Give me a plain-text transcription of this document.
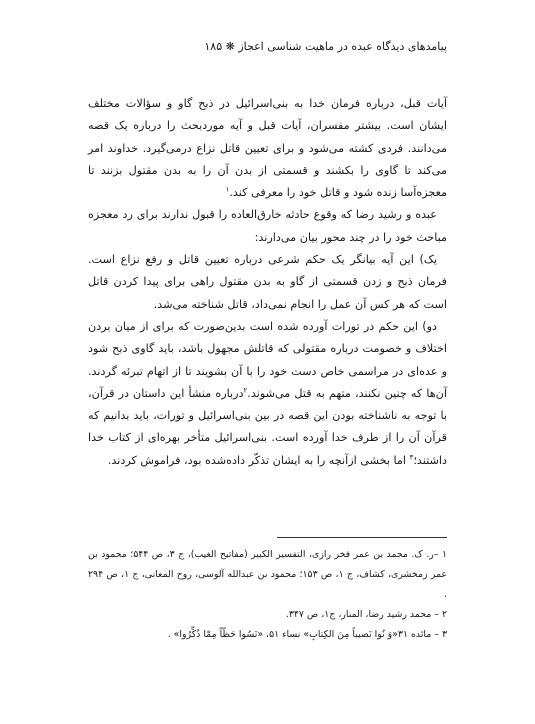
پیامدهای دیدگاه عبده در ماهیت شناسی اعجاز ❋ ۱۸۵

آیات قبل، درباره فرمان خدا به بنی‌اسرائیل در ذبح گاو و سؤالات مختلف ایشان است. بیشتر مفسران، آیات قبل و آیه موردبحث را درباره یک قصه می‌دانند. فردی کشته می‌شود و برای تعیین قاتل نزاع درمی‌گیرد. خداوند امر می‌کند تا گاوی را بکشند و قسمتی از بدن آن را به بدن مقتول بزنند تا معجزه‌آسا زنده شود و قاتل خود را معرفی کند.$^۱$

عبده و رشید رضا که وقوع حادثه خارق‌العاده را قبول ندارند برای رد معجزه مباحث خود را در چند محور بیان می‌دارند:

یک) این آیه بیانگر یک حکم شرعی درباره تعیین قاتل و رفع نزاع است. فرمان ذبح و زدن قسمتی از گاو به بدن مقتول راهی برای پیدا کردن قاتل است که هر کس آن عمل را انجام نمی‌داد، قاتل شناخته می‌شد.

دو) این حکم در تورات آورده شده است بدین‌صورت که برای از میان بردن اختلاف و خصومت درباره مقتولی که قاتلش مجهول باشد، باید گاوی ذبح شود و عده‌ای در مراسمی خاص دست خود را با آن بشویند تا از اتهام تبرئه گردند. آن‌ها که چنین نکنند، متهم به قتل می‌شوند.$^۲$درباره منشأ این داستان در قرآن، با توجه به ناشناخته بودن این قصه در بین بنی‌اسرائیل و تورات، باید بدانیم که قرآن آن را از طرف خدا آورده است. بنی‌اسرائیل متأخر بهره‌ای از کتاب خدا داشتند؛$^۳$ اما بخشی ازآنچه را به ایشان تذکّر داده‌شده بود، فراموش کردند.

۱ –ر. ک. محمد بن عمر فخر رازی، التفسیر الکبیر (مفاتیح الغیب)، ج ۳، ص ۵۴۴؛ محمود بن عمر زمخشری، کشاف، ج ۱، ص ۱۵۳؛ محمود بن عبدالله آلوسی، روح المعانی، ج ۱، ص ۲۹۴ .

۲ – محمد رشید رضا، المنار، ج۱، ص ۳۴۷.

۳ – مائده ۳۱«وَ نُوا نَصیباً مِنَ الکِتابِ» نساء ۵۱، «نَسُوا حَظّاً مِمّا ذُکِّرُوا» .
